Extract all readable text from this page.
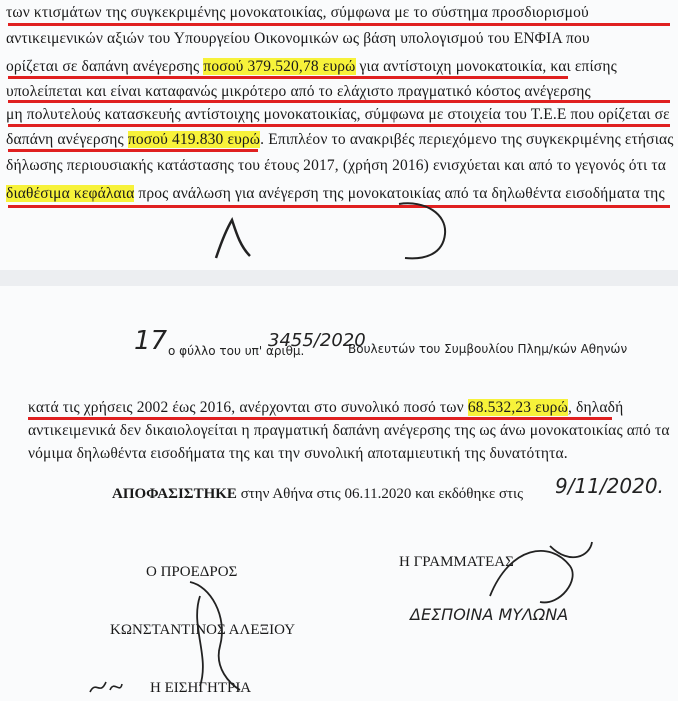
των κτισμάτων της συγκεκριμένης μονοκατοικίας, σύμφωνα με το σύστημα προσδιορισμού
αντικειμενικών αξιών του Υπουργείου Οικονομικών ως βάση υπολογισμού του ΕΝΦΙΑ που
ορίζεται σε δαπάνη ανέγερσης ποσού 379.520,78 ευρώ για αντίστοιχη μονοκατοικία, και επίσης
υπολείπεται και είναι καταφανώς μικρότερο από το ελάχιστο πραγματικό κόστος ανέγερσης
μη πολυτελούς κατασκευής αντίστοιχης μονοκατοικίας, σύμφωνα με στοιχεία του Τ.Ε.Ε που ορίζεται σε
δαπάνη ανέγερσης ποσού 419.830 ευρώ. Επιπλέον το ανακριβές περιεχόμενο της συγκεκριμένης ετήσιας
δήλωσης περιουσιακής κατάστασης του έτους 2017, (χρήση 2016) ενισχύεται και από το γεγονός ότι τα
διαθέσιμα κεφάλαια προς ανάλωση για ανέγερση της μονοκατοικίας από τα δηλωθέντα εισοδήματα της
17 ο φύλλο του υπ' αριθμ.
3455/2020
Βουλευτών του Συμβουλίου Πλημ/κών Αθηνών
κατά τις χρήσεις 2002 έως 2016, ανέρχονται στο συνολικό ποσό των 68.532,23 ευρώ, δηλαδή
αντικειμενικά δεν δικαιολογείται η πραγματική δαπάνη ανέγερσης της ως άνω μονοκατοικίας από τα
νόμιμα δηλωθέντα εισοδήματα της και την συνολική αποταμιευτική της δυνατότητα.
ΑΠΟΦΑΣΙΣΤΗΚΕ στην Αθήνα στις 06.11.2020 και εκδόθηκε στις 9/11/2020.
Ο ΠΡΟΕΔΡΟΣ
Η ΓΡΑΜΜΑΤΕΑΣ
ΚΩΝΣΤΑΝΤΙΝΟΣ ΑΛΕΞΙΟΥ
ΔΕΣΠΟΙΝΑ ΜΥΛΩΝΑ
Η ΕΙΣΗΓΗΤΡΙΑ
